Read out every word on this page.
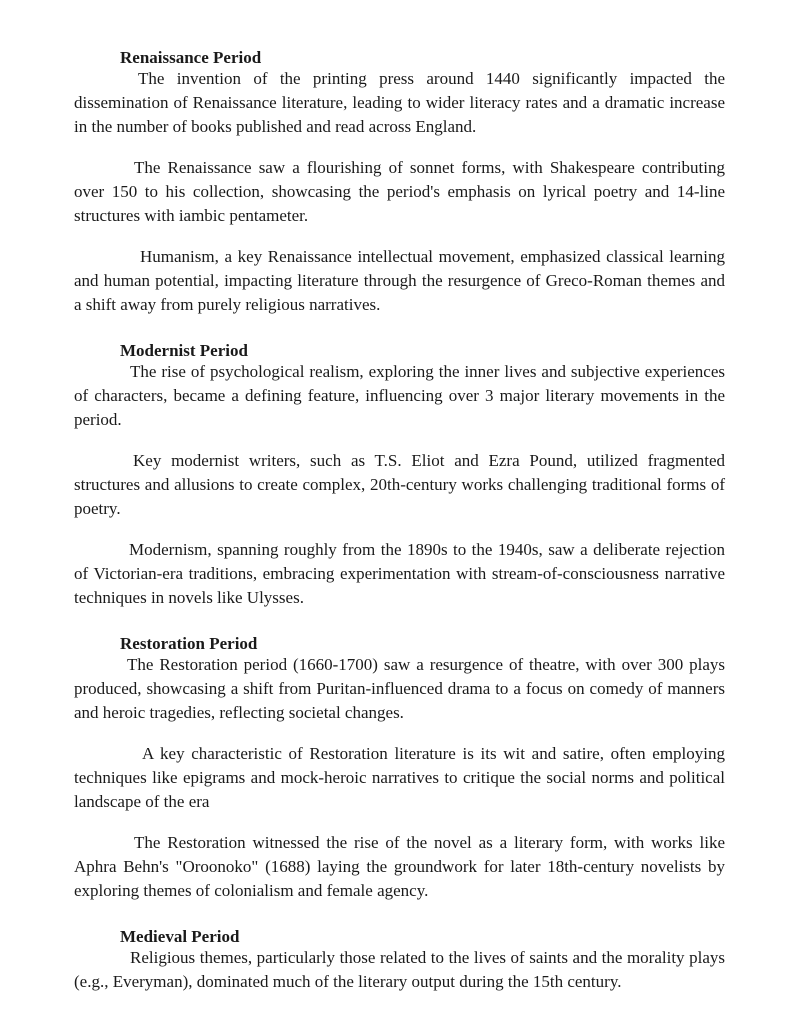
Renaissance Period

The invention of the printing press around 1440 significantly impacted the dissemination of Renaissance literature, leading to wider literacy rates and a dramatic increase in the number of books published and read across England.

The Renaissance saw a flourishing of sonnet forms, with Shakespeare contributing over 150 to his collection, showcasing the period's emphasis on lyrical poetry and 14-line structures with iambic pentameter.

Humanism, a key Renaissance intellectual movement, emphasized classical learning and human potential, impacting literature through the resurgence of Greco-Roman themes and a shift away from purely religious narratives.

Modernist Period

The rise of psychological realism, exploring the inner lives and subjective experiences of characters, became a defining feature, influencing over 3 major literary movements in the period.

Key modernist writers, such as T.S. Eliot and Ezra Pound, utilized fragmented structures and allusions to create complex, 20th-century works challenging traditional forms of poetry.

Modernism, spanning roughly from the 1890s to the 1940s, saw a deliberate rejection of Victorian-era traditions, embracing experimentation with stream-of-consciousness narrative techniques in novels like Ulysses.

Restoration Period

The Restoration period (1660-1700) saw a resurgence of theatre, with over 300 plays produced, showcasing a shift from Puritan-influenced drama to a focus on comedy of manners and heroic tragedies, reflecting societal changes.

A key characteristic of Restoration literature is its wit and satire, often employing techniques like epigrams and mock-heroic narratives to critique the social norms and political landscape of the era

The Restoration witnessed the rise of the novel as a literary form, with works like Aphra Behn's "Oroonoko" (1688) laying the groundwork for later 18th-century novelists by exploring themes of colonialism and female agency.

Medieval Period

Religious themes, particularly those related to the lives of saints and the morality plays (e.g., Everyman), dominated much of the literary output during the 15th century.
